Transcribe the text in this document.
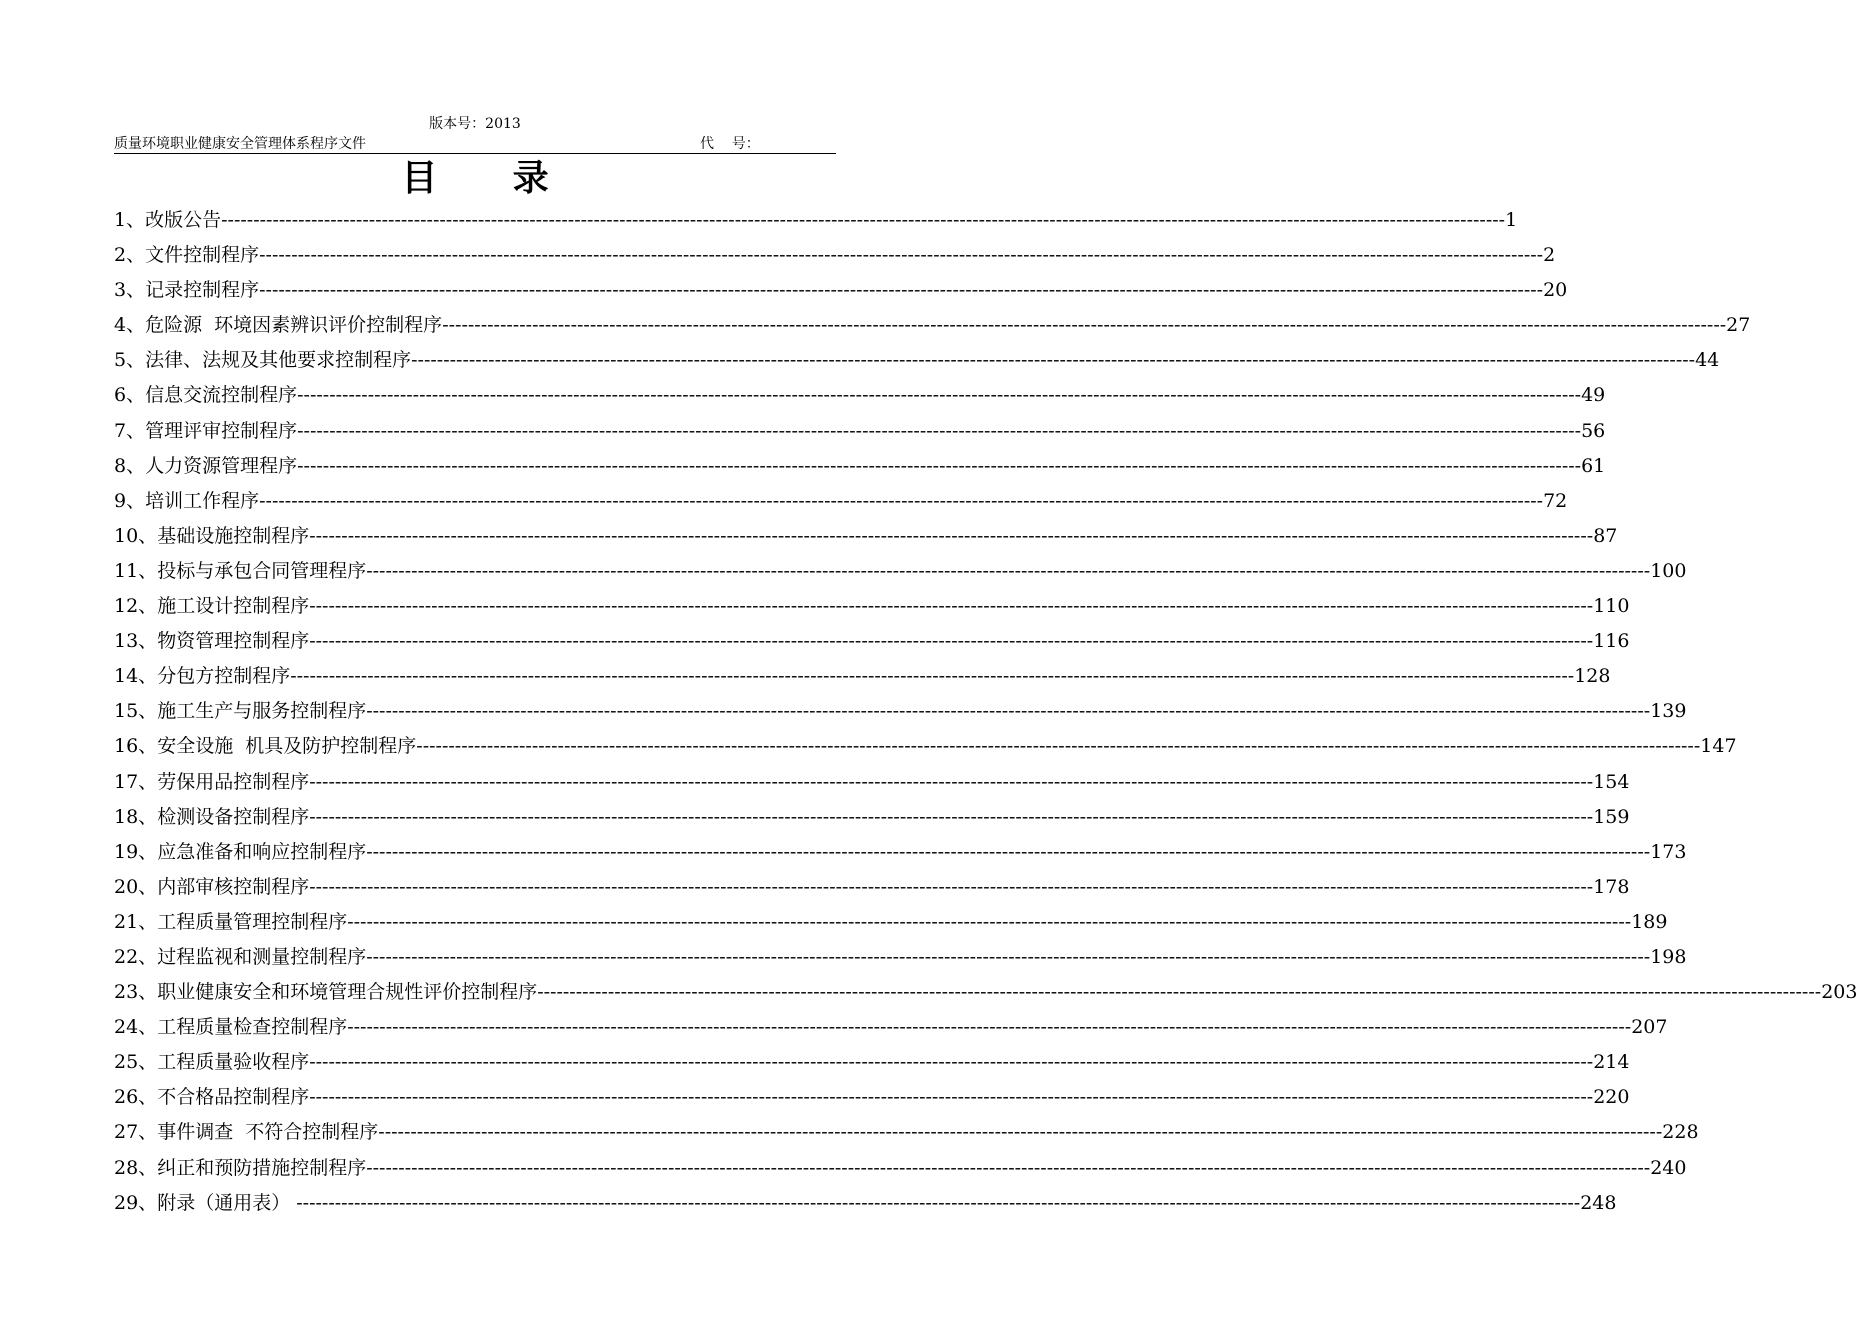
版本号：2013
质量环境职业健康安全管理体系程序文件	代    号：
目      录
1、 改版公告 -------------------------------------------------------------------------------------------------------------------------------------------------------------------------------------------------------- 1
2、 文件控制程序 -------------------------------------------------------------------------------------------------------------------------------------------------------------------------------------------------------- 2
3、 记录控制程序 -------------------------------------------------------------------------------------------------------------------------------------------------------------------------------------------------------- 20
4、 危险源  环境因素辨识评价控制程序 -------------------------------------------------------------------------------------------------------------------------------------------------------------------------------------------------------- 27
5、 法律、法规及其他要求控制程序 -------------------------------------------------------------------------------------------------------------------------------------------------------------------------------------------------------- 44
6、 信息交流控制程序 -------------------------------------------------------------------------------------------------------------------------------------------------------------------------------------------------------- 49
7、 管理评审控制程序 -------------------------------------------------------------------------------------------------------------------------------------------------------------------------------------------------------- 56
8、 人力资源管理程序 -------------------------------------------------------------------------------------------------------------------------------------------------------------------------------------------------------- 61
9、 培训工作程序 -------------------------------------------------------------------------------------------------------------------------------------------------------------------------------------------------------- 72
10、 基础设施控制程序 -------------------------------------------------------------------------------------------------------------------------------------------------------------------------------------------------------- 87
11、 投标与承包合同管理程序 -------------------------------------------------------------------------------------------------------------------------------------------------------------------------------------------------------- 100
12、 施工设计控制程序 -------------------------------------------------------------------------------------------------------------------------------------------------------------------------------------------------------- 110
13、 物资管理控制程序 -------------------------------------------------------------------------------------------------------------------------------------------------------------------------------------------------------- 116
14、 分包方控制程序 -------------------------------------------------------------------------------------------------------------------------------------------------------------------------------------------------------- 128
15、 施工生产与服务控制程序 -------------------------------------------------------------------------------------------------------------------------------------------------------------------------------------------------------- 139
16、 安全设施  机具及防护控制程序 -------------------------------------------------------------------------------------------------------------------------------------------------------------------------------------------------------- 147
17、 劳保用品控制程序 -------------------------------------------------------------------------------------------------------------------------------------------------------------------------------------------------------- 154
18、 检测设备控制程序 -------------------------------------------------------------------------------------------------------------------------------------------------------------------------------------------------------- 159
19、 应急准备和响应控制程序 -------------------------------------------------------------------------------------------------------------------------------------------------------------------------------------------------------- 173
20、 内部审核控制程序 -------------------------------------------------------------------------------------------------------------------------------------------------------------------------------------------------------- 178
21、 工程质量管理控制程序 -------------------------------------------------------------------------------------------------------------------------------------------------------------------------------------------------------- 189
22、 过程监视和测量控制程序 -------------------------------------------------------------------------------------------------------------------------------------------------------------------------------------------------------- 198
23、 职业健康安全和环境管理合规性评价控制程序 -------------------------------------------------------------------------------------------------------------------------------------------------------------------------------------------------------- 203
24、 工程质量检查控制程序 -------------------------------------------------------------------------------------------------------------------------------------------------------------------------------------------------------- 207
25、 工程质量验收程序 -------------------------------------------------------------------------------------------------------------------------------------------------------------------------------------------------------- 214
26、 不合格品控制程序 -------------------------------------------------------------------------------------------------------------------------------------------------------------------------------------------------------- 220
27、 事件调查  不符合控制程序 -------------------------------------------------------------------------------------------------------------------------------------------------------------------------------------------------------- 228
28、 纠正和预防措施控制程序 -------------------------------------------------------------------------------------------------------------------------------------------------------------------------------------------------------- 240
29、 附录（通用表） -------------------------------------------------------------------------------------------------------------------------------------------------------------------------------------------------------- 248
